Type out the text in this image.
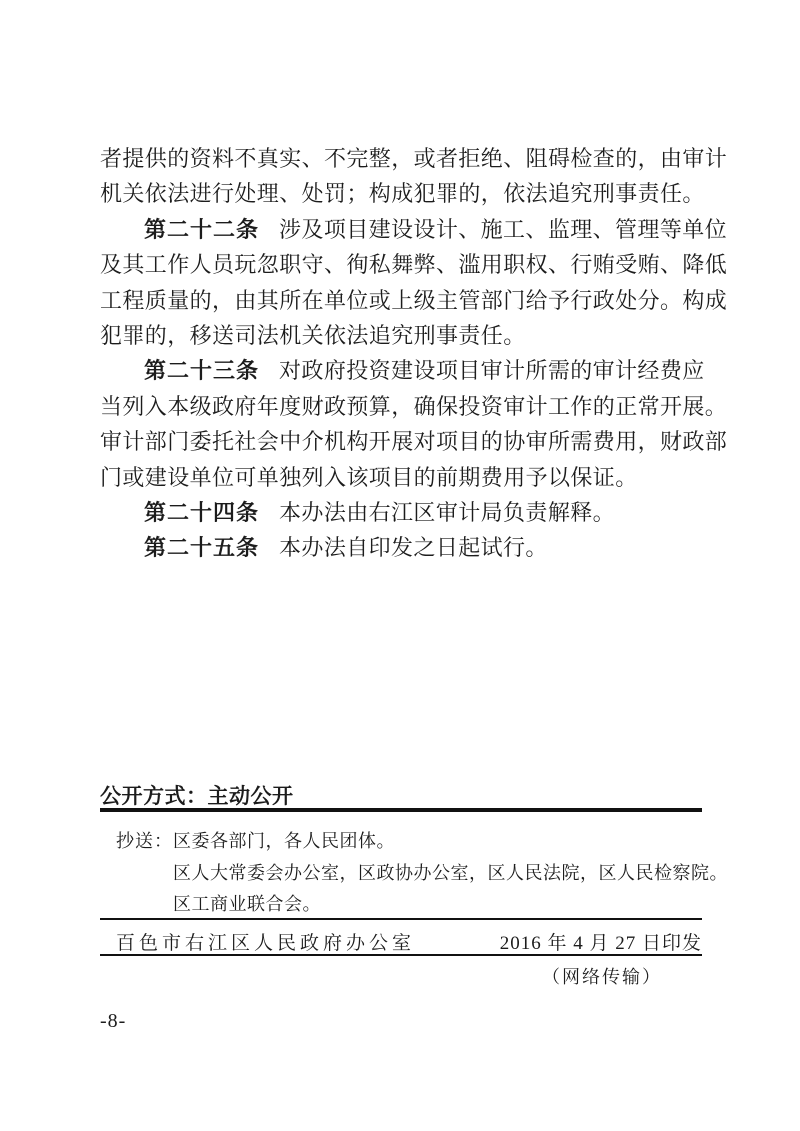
者提供的资料不真实、不完整，或者拒绝、阻碍检查的，由审计
机关依法进行处理、处罚；构成犯罪的，依法追究刑事责任。
第二十二条 涉及项目建设设计、施工、监理、管理等单位
及其工作人员玩忽职守、徇私舞弊、滥用职权、行贿受贿、降低
工程质量的，由其所在单位或上级主管部门给予行政处分。构成
犯罪的，移送司法机关依法追究刑事责任。
第二十三条 对政府投资建设项目审计所需的审计经费应
当列入本级政府年度财政预算，确保投资审计工作的正常开展。
审计部门委托社会中介机构开展对项目的协审所需费用，财政部
门或建设单位可单独列入该项目的前期费用予以保证。
第二十四条 本办法由右江区审计局负责解释。
第二十五条 本办法自印发之日起试行。
公开方式：主动公开
抄送： 区委各部门，各人民团体。
区人大常委会办公室，区政协办公室，区人民法院，区人民检察院。
区工商业联合会。
百色市右江区人民政府办公室	2016 年 4 月 27 日印发
（网络传输）
-8-
